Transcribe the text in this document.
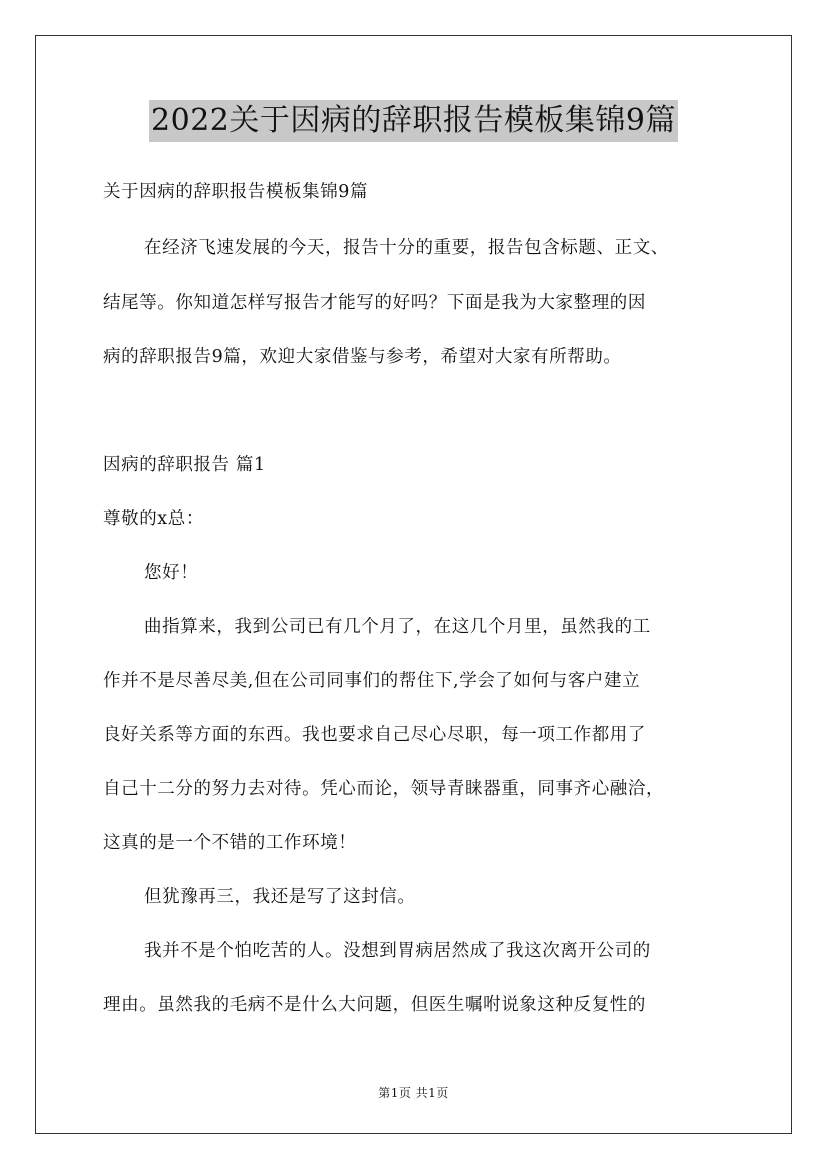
2022关于因病的辞职报告模板集锦9篇
关于因病的辞职报告模板集锦9篇
在经济飞速发展的今天，报告十分的重要，报告包含标题、正文、
结尾等。你知道怎样写报告才能写的好吗？下面是我为大家整理的因
病的辞职报告9篇，欢迎大家借鉴与参考，希望对大家有所帮助。
因病的辞职报告 篇1
尊敬的x总：
您好！
曲指算来，我到公司已有几个月了，在这几个月里，虽然我的工
作并不是尽善尽美,但在公司同事们的帮住下,学会了如何与客户建立
良好关系等方面的东西。我也要求自己尽心尽职，每一项工作都用了
自己十二分的努力去对待。凭心而论，领导青睐器重，同事齐心融洽，
这真的是一个不错的工作环境！
但犹豫再三，我还是写了这封信。
我并不是个怕吃苦的人。没想到胃病居然成了我这次离开公司的
理由。虽然我的毛病不是什么大问题，但医生嘱咐说象这种反复性的
第1页 共1页
